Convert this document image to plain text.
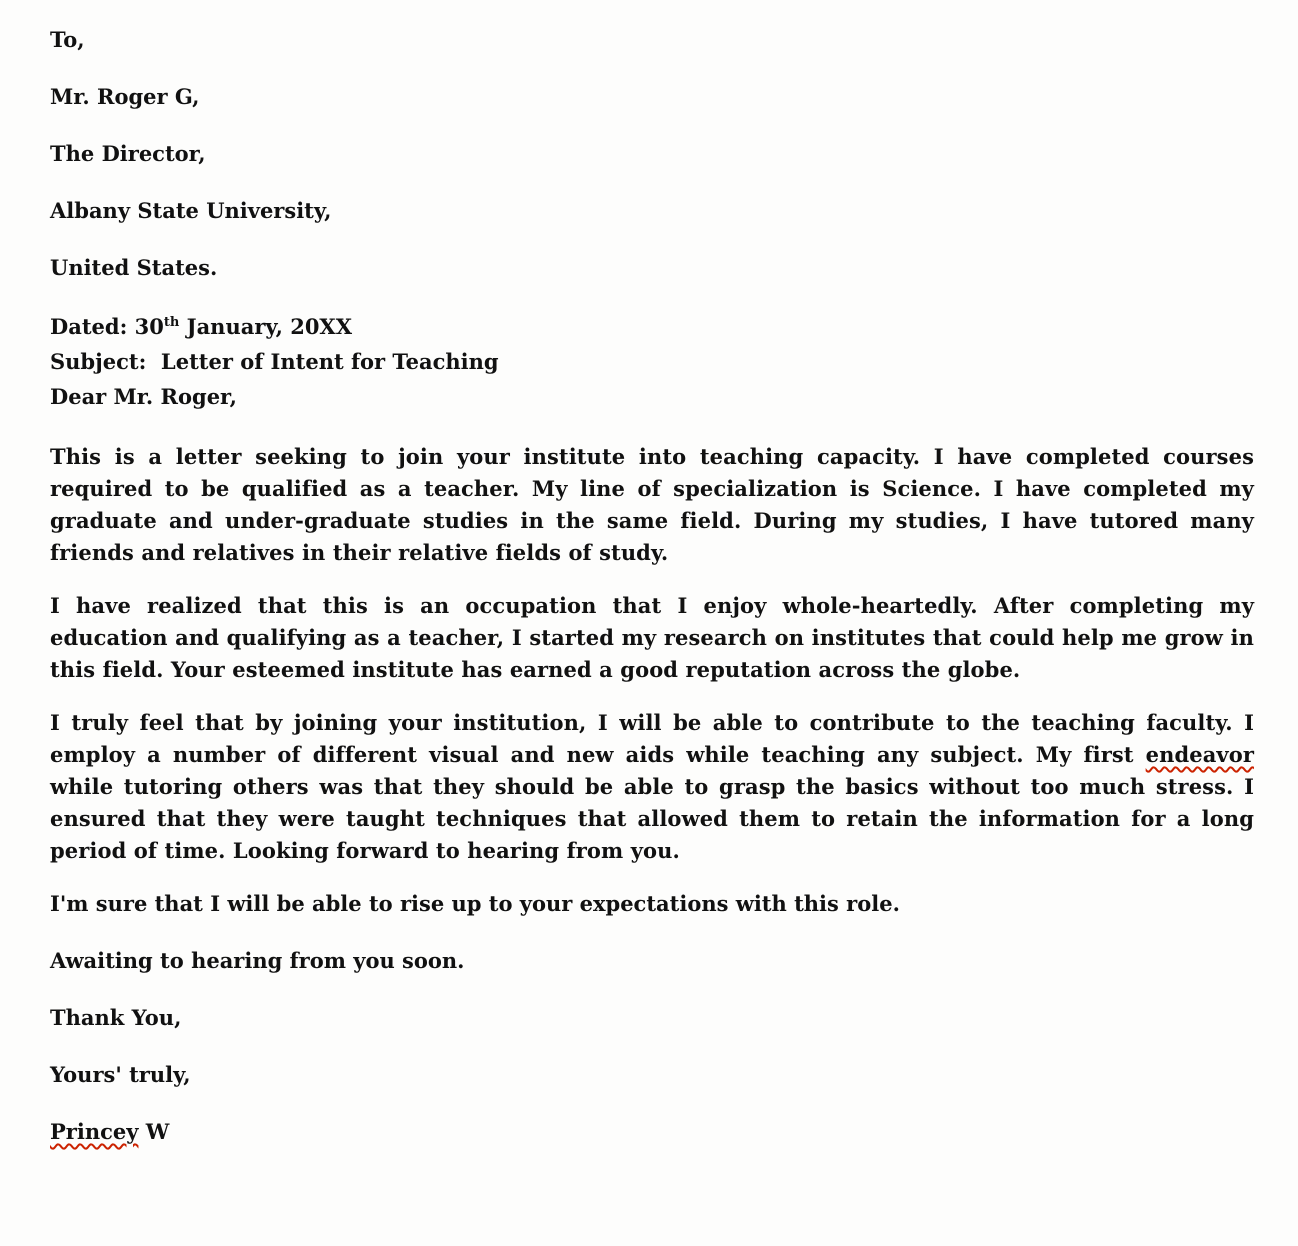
To,

Mr. Roger G,

The Director,

Albany State University,

United States.

Dated: 30th January, 20XX

Subject:  Letter of Intent for Teaching

Dear Mr. Roger,

This is a letter seeking to join your institute into teaching capacity. I have completed courses required to be qualified as a teacher. My line of specialization is Science. I have completed my graduate and under-graduate studies in the same field. During my studies, I have tutored many friends and relatives in their relative fields of study.

I have realized that this is an occupation that I enjoy whole-heartedly. After completing my education and qualifying as a teacher, I started my research on institutes that could help me grow in this field. Your esteemed institute has earned a good reputation across the globe.

I truly feel that by joining your institution, I will be able to contribute to the teaching faculty. I employ a number of different visual and new aids while teaching any subject. My first endeavor while tutoring others was that they should be able to grasp the basics without too much stress. I ensured that they were taught techniques that allowed them to retain the information for a long period of time. Looking forward to hearing from you.

I'm sure that I will be able to rise up to your expectations with this role.

Awaiting to hearing from you soon.

Thank You,

Yours' truly,

Princey W
